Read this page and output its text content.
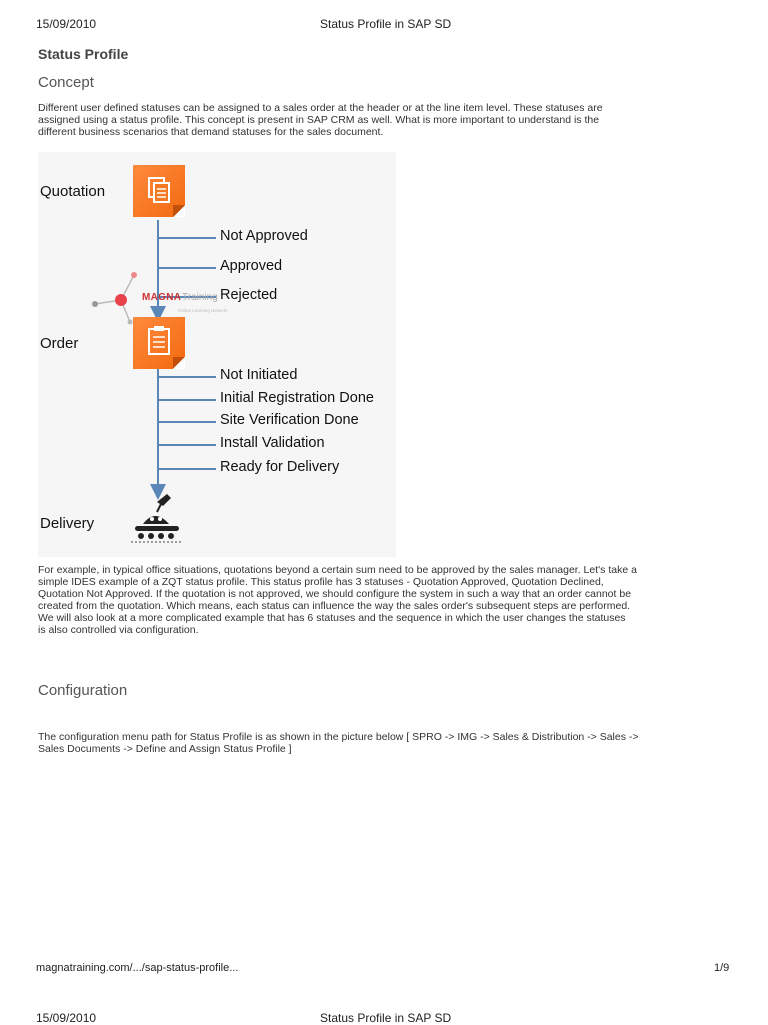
15/09/2010	Status Profile in SAP SD
Status Profile
Concept
Different user defined statuses can be assigned to a sales order at the header or at the line item level. These statuses are
assigned using a status profile. This concept is present in SAP CRM as well. What is more important to understand is the
different business scenarios that demand statuses for the sales document.
Quotation
Not Approved
Approved
Rejected
MAGNA Training
Online Learning Network
Order
Not Initiated
Initial Registration Done
Site Verification Done
Install Validation
Ready for Delivery
Delivery
For example, in typical office situations, quotations beyond a certain sum need to be approved by the sales manager. Let's take a
simple IDES example of a ZQT status profile. This status profile has 3 statuses - Quotation Approved, Quotation Declined,
Quotation Not Approved. If the quotation is not approved, we should configure the system in such a way that an order cannot be
created from the quotation. Which means, each status can influence the way the sales order's subsequent steps are performed.
We will also look at a more complicated example that has 6 statuses and the sequence in which the user changes the statuses
is also controlled via configuration.
Configuration
The configuration menu path for Status Profile is as shown in the picture below [ SPRO -> IMG -> Sales & Distribution -> Sales ->
Sales Documents -> Define and Assign Status Profile ]
magnatraining.com/.../sap-status-profile...	1/9
15/09/2010	Status Profile in SAP SD
